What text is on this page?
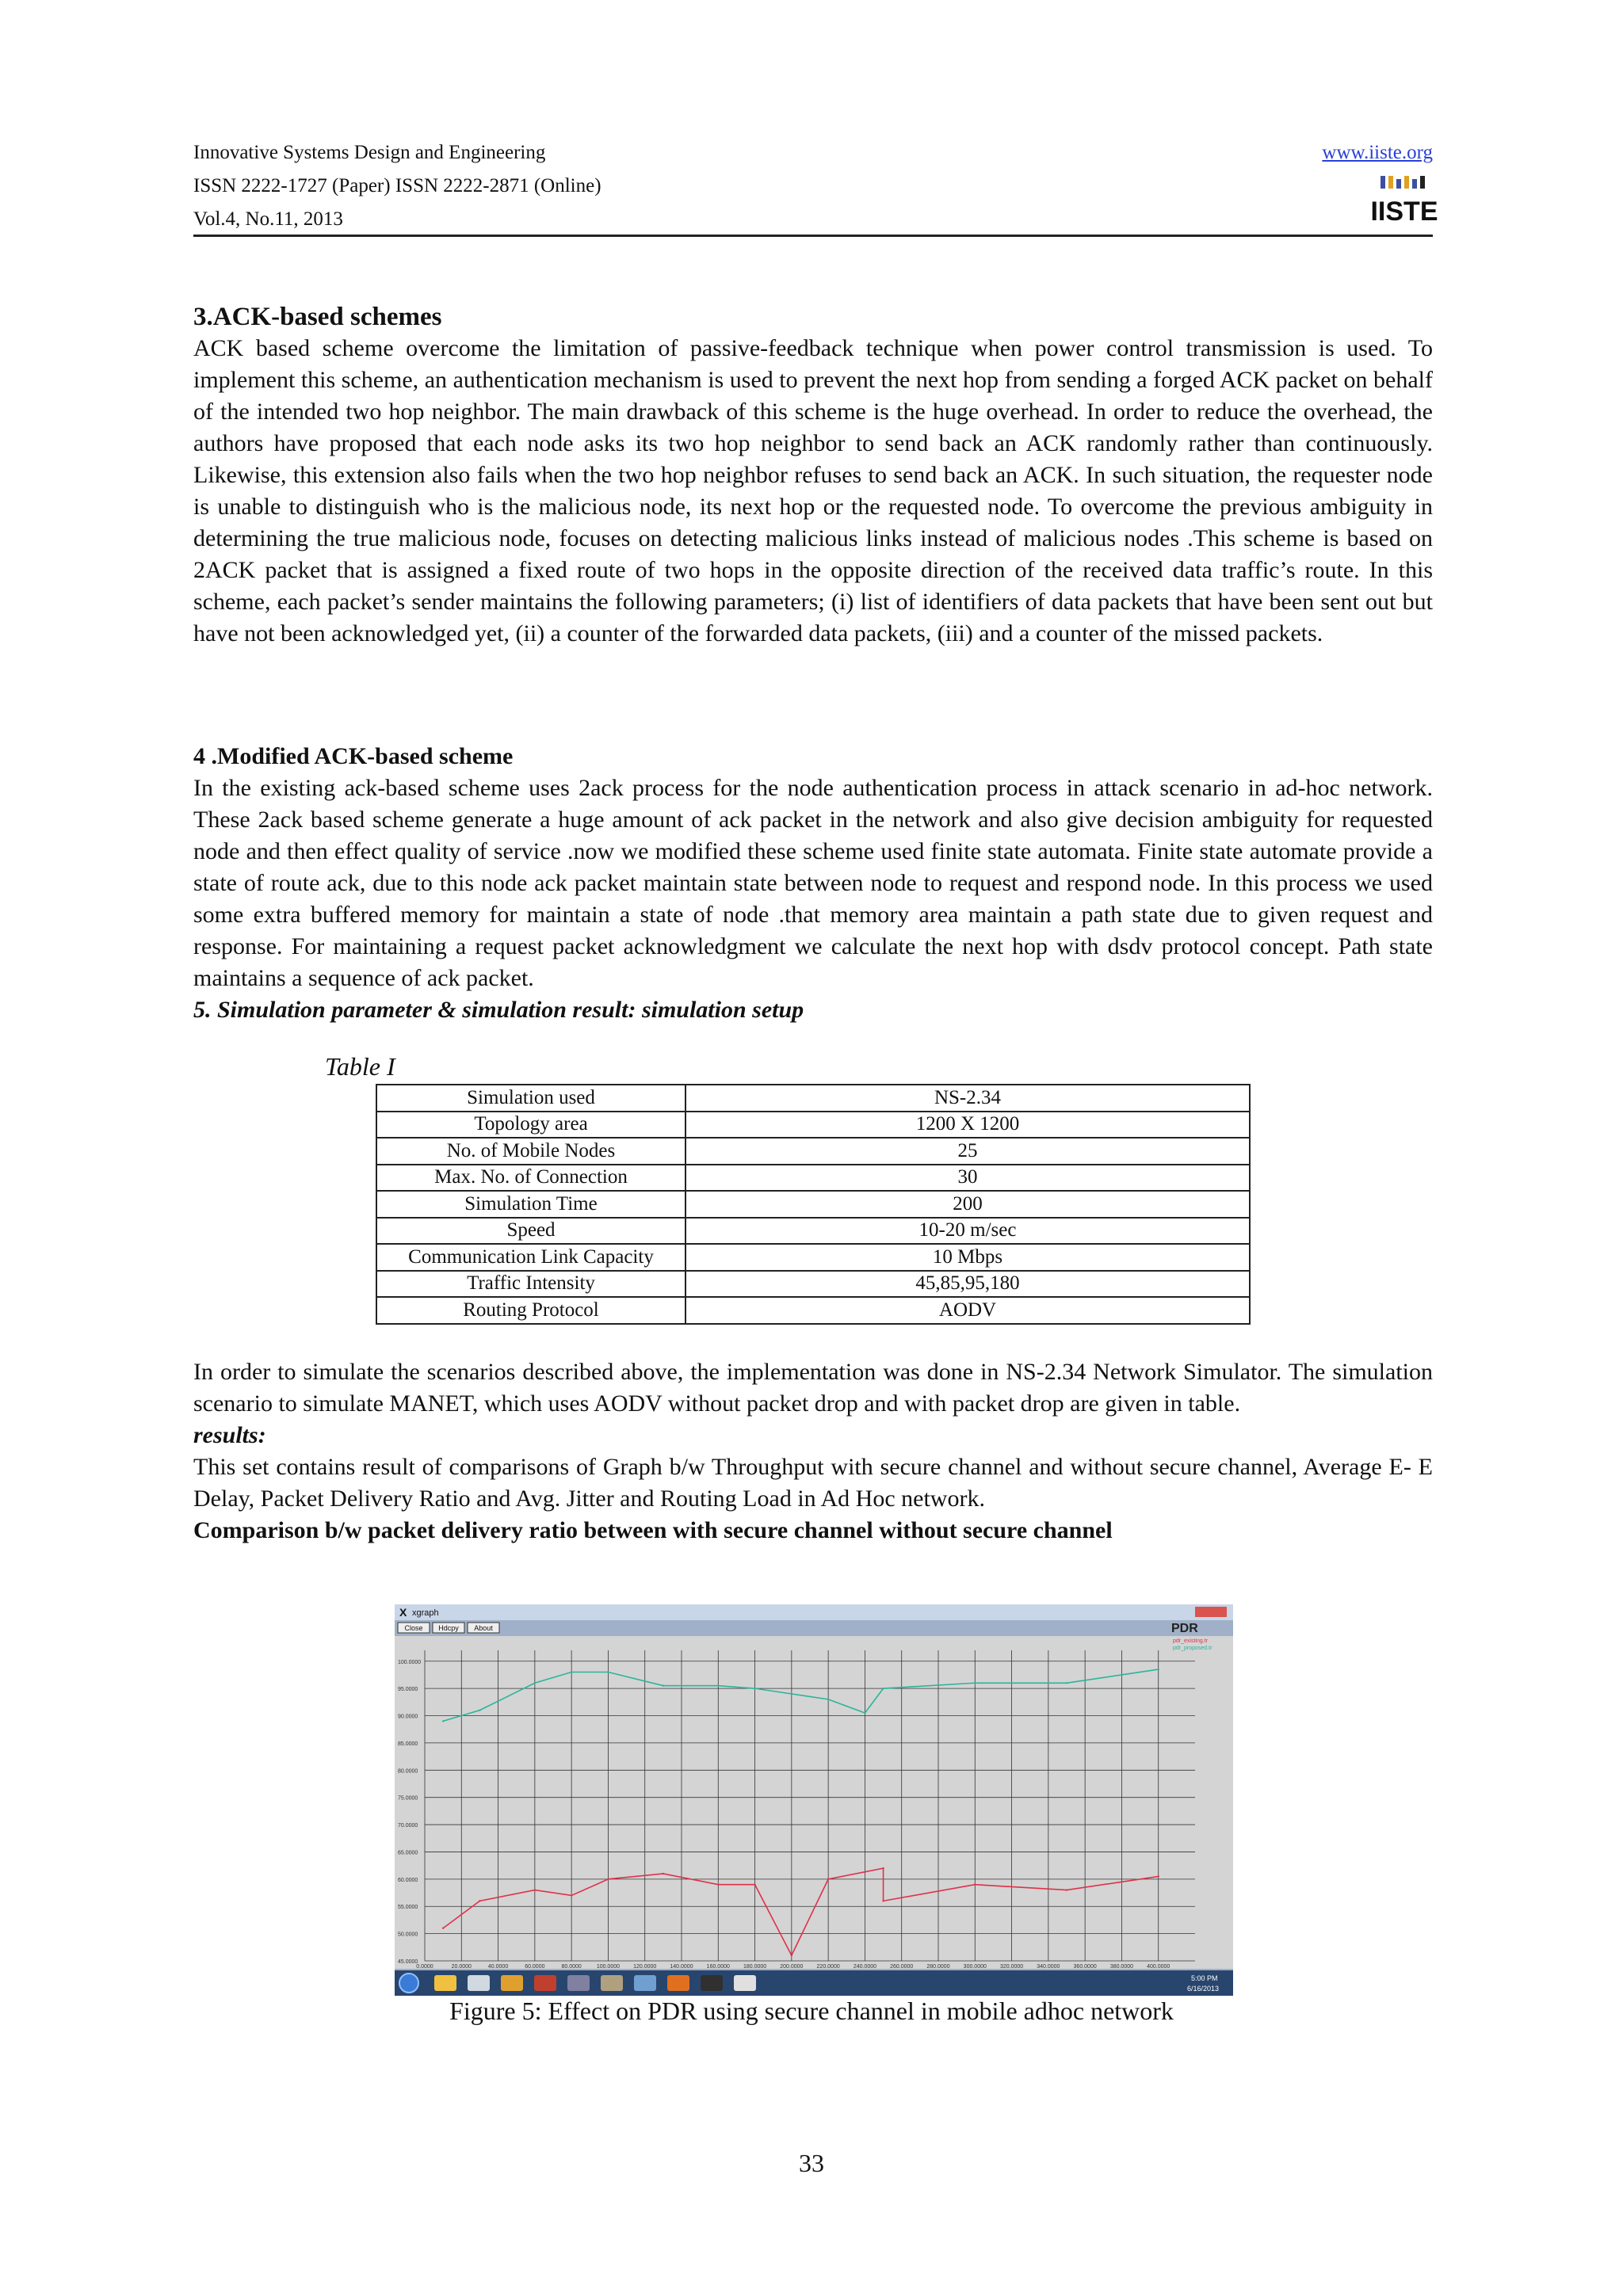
Innovative Systems Design and Engineering
ISSN 2222-1727 (Paper) ISSN 2222-2871 (Online)
Vol.4, No.11, 2013
www.iiste.org
IISTE
3.ACK-based schemes

ACK based scheme overcome the limitation of passive-feedback technique when power control transmission is used. To implement this scheme, an authentication mechanism is used to prevent the next hop from sending a forged ACK packet on behalf of the intended two hop neighbor. The main drawback of this scheme is the huge overhead. In order to reduce the overhead, the authors have proposed that each node asks its two hop neighbor to send back an ACK randomly rather than continuously. Likewise, this extension also fails when the two hop neighbor refuses to send back an ACK. In such situation, the requester node is unable to distinguish who is the malicious node, its next hop or the requested node. To overcome the previous ambiguity in determining the true malicious node, focuses on detecting malicious links instead of malicious nodes .This scheme is based on 2ACK packet that is assigned a fixed route of two hops in the opposite direction of the received data traffic’s route. In this scheme, each packet’s sender maintains the following parameters; (i) list of identifiers of data packets that have been sent out but have not been acknowledged yet, (ii) a counter of the forwarded data packets, (iii) and a counter of the missed packets.

4 .Modified ACK-based scheme

In the existing ack-based scheme uses 2ack process for the node authentication process in attack scenario in ad-hoc network. These 2ack based scheme generate a huge amount of ack packet in the network and also give decision ambiguity for requested node and then effect quality of service .now we modified these scheme used finite state automata. Finite state automate provide a state of route ack, due to this node ack packet maintain state between node to request and respond node. In this process we used some extra buffered memory for maintain a state of node .that memory area maintain a path state due to given request and response. For maintaining a request packet acknowledgment we calculate the next hop with dsdv protocol concept. Path state maintains a sequence of ack packet.

5. Simulation parameter & simulation result: simulation setup

Table I
Simulation used	NS-2.34
Topology area	1200 X 1200
No. of Mobile Nodes	25
Max. No. of Connection	30
Simulation Time	200
Speed	10-20 m/sec
Communication Link Capacity	10 Mbps
Traffic Intensity	45,85,95,180
Routing Protocol	AODV

In order to simulate the scenarios described above, the implementation was done in NS-2.34 Network Simulator. The simulation scenario to simulate MANET, which uses AODV without packet drop and with packet drop are given in table.

results:

This set contains result of comparisons of Graph b/w Throughput with secure channel and without secure channel, Average E- E Delay, Packet Delivery Ratio and Avg. Jitter and Routing Load in Ad Hoc network.

Comparison b/w packet delivery ratio between with secure channel without secure channel

X xgraph
Close Hdcpy About
100.0000
95.0000
90.0000
85.0000
80.0000
75.0000
70.0000
65.0000
60.0000
55.0000
50.0000
45.0000
0.0000	20.0000	40.0000	60.0000	80.0000	100.0000 120.0000 140.0000 160.0000 180.0000 200.0000 220.0000 240.0000 260.0000 280.0000 300.0000 320.0000 340.0000 360.0000 380.0000 400.0000
PDR
pdr_existing.tr
pdr_proposed.tr
5:00 PM
6/16/2013
Figure 5: Effect on PDR using secure channel in mobile adhoc network
33
